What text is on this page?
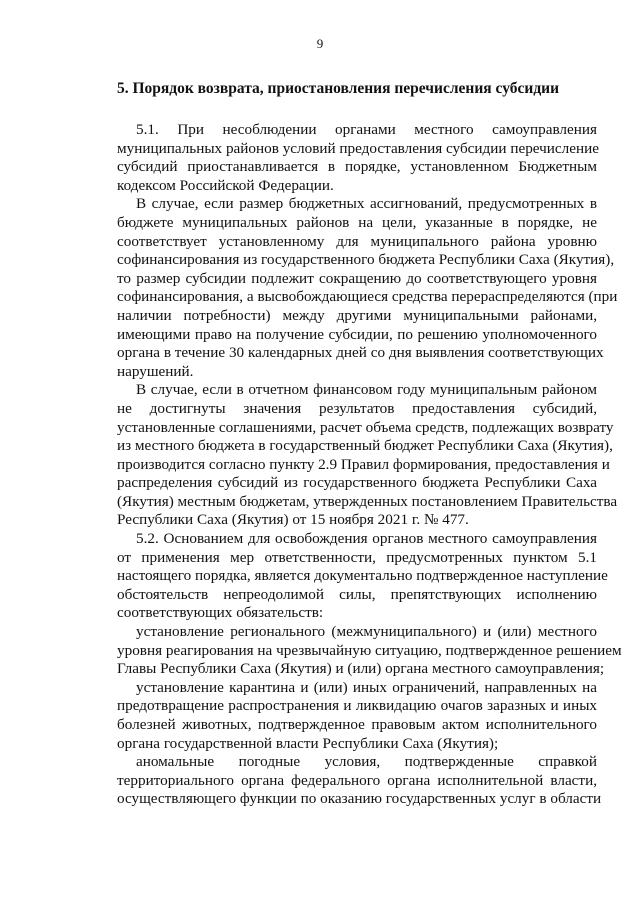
9
5. Порядок возврата, приостановления перечисления субсидии
5.1. При несоблюдении органами местного самоуправления
муниципальных районов условий предоставления субсидии перечисление
субсидий приостанавливается в порядке, установленном Бюджетным
кодексом Российской Федерации.
В случае, если размер бюджетных ассигнований, предусмотренных в
бюджете муниципальных районов на цели, указанные в порядке, не
соответствует установленному для муниципального района уровню
софинансирования из государственного бюджета Республики Саха (Якутия),
то размер субсидии подлежит сокращению до соответствующего уровня
софинансирования, а высвобождающиеся средства перераспределяются (при
наличии потребности) между другими муниципальными районами,
имеющими право на получение субсидии, по решению уполномоченного
органа в течение 30 календарных дней со дня выявления соответствующих
нарушений.
В случае, если в отчетном финансовом году муниципальным районом
не достигнуты значения результатов предоставления субсидий,
установленные соглашениями, расчет объема средств, подлежащих возврату
из местного бюджета в государственный бюджет Республики Саха (Якутия),
производится согласно пункту 2.9 Правил формирования, предоставления и
распределения субсидий из государственного бюджета Республики Саха
(Якутия) местным бюджетам, утвержденных постановлением Правительства
Республики Саха (Якутия) от 15 ноября 2021 г. № 477.
5.2. Основанием для освобождения органов местного самоуправления
от применения мер ответственности, предусмотренных пунктом 5.1
настоящего порядка, является документально подтвержденное наступление
обстоятельств непреодолимой силы, препятствующих исполнению
соответствующих обязательств:
установление регионального (межмуниципального) и (или) местного
уровня реагирования на чрезвычайную ситуацию, подтвержденное решением
Главы Республики Саха (Якутия) и (или) органа местного самоуправления;
установление карантина и (или) иных ограничений, направленных на
предотвращение распространения и ликвидацию очагов заразных и иных
болезней животных, подтвержденное правовым актом исполнительного
органа государственной власти Республики Саха (Якутия);
аномальные погодные условия, подтвержденные справкой
территориального органа федерального органа исполнительной власти,
осуществляющего функции по оказанию государственных услуг в области
